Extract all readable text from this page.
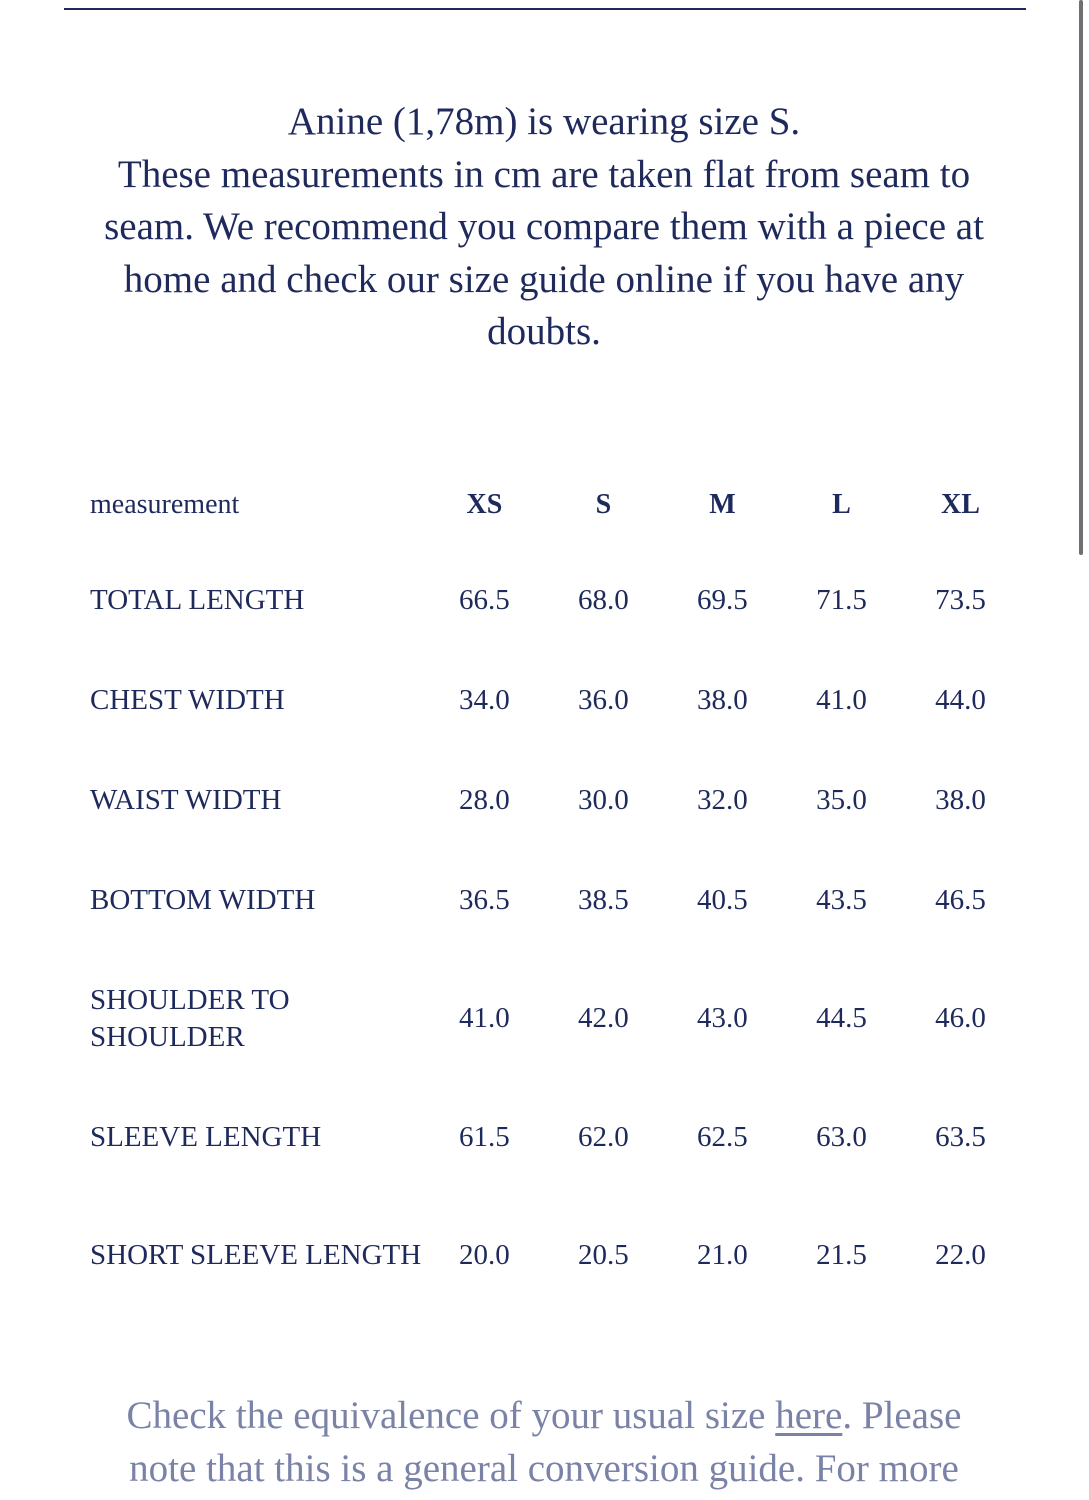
Anine (1,78m) is wearing size S.

These measurements in cm are taken flat from seam to seam. We recommend you compare them with a piece at home and check our size guide online if you have any doubts.

measurement	XS	S	M	L	XL
TOTAL LENGTH	66.5	68.0	69.5	71.5	73.5
CHEST WIDTH	34.0	36.0	38.0	41.0	44.0
WAIST WIDTH	28.0	30.0	32.0	35.0	38.0
BOTTOM WIDTH	36.5	38.5	40.5	43.5	46.5
SHOULDER TO SHOULDER	41.0	42.0	43.0	44.5	46.0
SLEEVE LENGTH	61.5	62.0	62.5	63.0	63.5
SHORT SLEEVE LENGTH	20.0	20.5	21.0	21.5	22.0
Check the equivalence of your usual size here. Please note that this is a general conversion guide. For more
